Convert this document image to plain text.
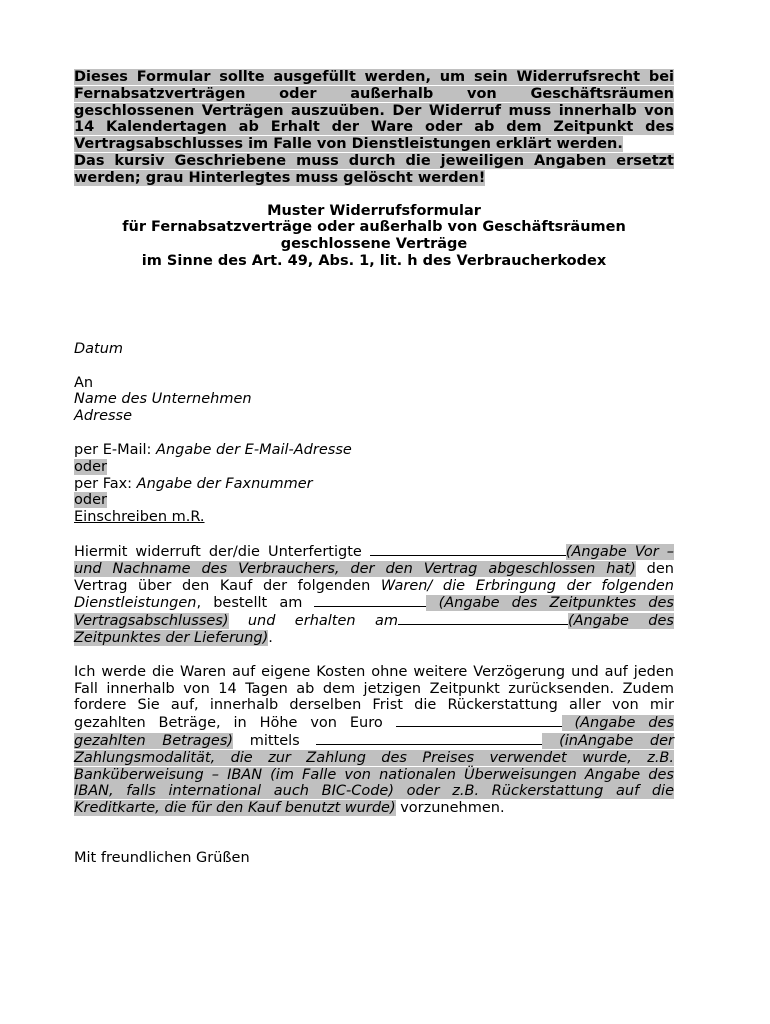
Dieses Formular sollte ausgefüllt werden, um sein Widerrufsrecht bei Fernabsatzverträgen oder außerhalb von Geschäftsräumen geschlossenen Verträgen auszuüben. Der Widerruf muss innerhalb von 14 Kalendertagen ab Erhalt der Ware oder ab dem Zeitpunkt des Vertragsabschlusses im Falle von Dienstleistungen erklärt werden.

Das kursiv Geschriebene muss durch die jeweiligen Angaben ersetzt werden; grau Hinterlegtes muss gelöscht werden!

Muster Widerrufsformular
für Fernabsatzverträge oder außerhalb von Geschäftsräumen geschlossene Verträge
im Sinne des Art. 49, Abs. 1, lit. h des Verbraucherkodex
Datum
An
Name des Unternehmen
Adresse
per E-Mail: Angabe der E-Mail-Adresse
oder
per Fax: Angabe der Faxnummer
oder
Einschreiben m.R.
Hiermit widerruft der/die Unterfertigte	(Angabe Vor – und Nachname des Verbrauchers, der den Vertrag abgeschlossen hat) den Vertrag über den Kauf der folgenden Waren/ die Erbringung der folgenden Dienstleistungen, bestellt am	(Angabe des Zeitpunktes des Vertragsabschlusses) und erhalten am	(Angabe des Zeitpunktes der Lieferung).
Ich werde die Waren auf eigene Kosten ohne weitere Verzögerung und auf jeden Fall innerhalb von 14 Tagen ab dem jetzigen Zeitpunkt zurücksenden. Zudem fordere Sie auf, innerhalb derselben Frist die Rückerstattung aller von mir gezahlten Beträge, in Höhe von Euro	(Angabe des gezahlten Betrages) mittels	(inAngabe der Zahlungsmodalität, die zur Zahlung des Preises verwendet wurde, z.B. Banküberweisung – IBAN (im Falle von nationalen Überweisungen Angabe des IBAN, falls international auch BIC-Code) oder z.B. Rückerstattung auf die Kreditkarte, die für den Kauf benutzt wurde) vorzunehmen.
Mit freundlichen Grüßen
